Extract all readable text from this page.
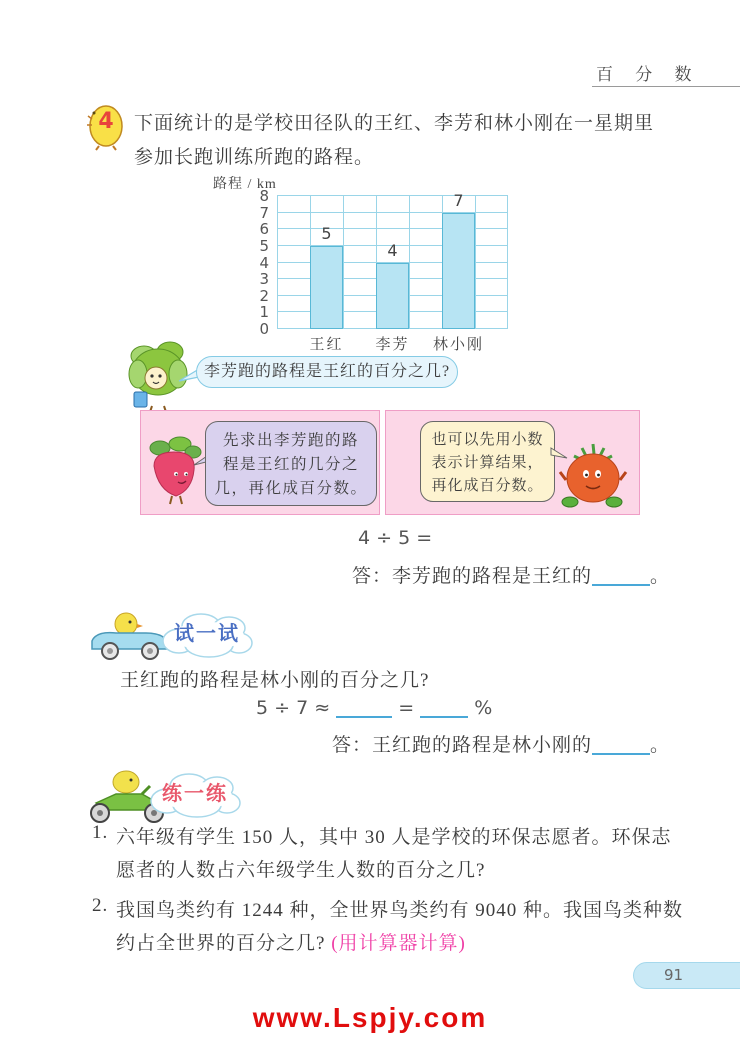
百 分 数
4	下面统计的是学校田径队的王红、李芳和林小刚在一星期里
参加长跑训练所跑的路程。
路程 / km
0
1
2
3
4
5
6
7
8
5
王红
4
李芳
7
林小刚
李芳跑的路程是王红的百分之几?
先求出李芳跑的路
程是王红的几分之
几，再化成百分数。
也可以先用小数
表示计算结果，
再化成百分数。
4 ÷ 5 =
答：李芳跑的路程是王红的	。
试一试
王红跑的路程是林小刚的百分之几?
5 ÷ 7 ≈	=	%
答：王红跑的路程是林小刚的	。
练一练
1. 六年级有学生 150 人，其中 30 人是学校的环保志愿者。环保志
愿者的人数占六年级学生人数的百分之几?
2. 我国鸟类约有 1244 种，全世界鸟类约有 9040 种。我国鸟类种数
约占全世界的百分之几? (用计算器计算)
91
www.Lspjy.com
